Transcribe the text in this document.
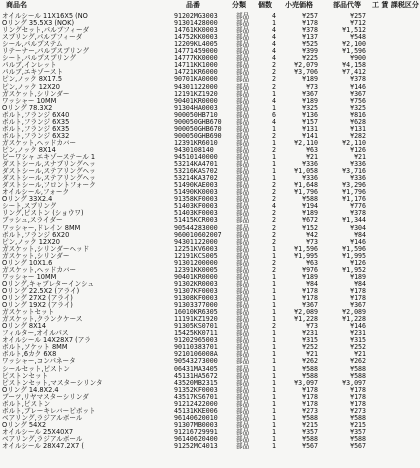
商品名	品番	分類 個数 小売価格	部品代等 工 賃 課税区分
オイルシール 11X16X5 (NO	91202MG3003	部品	4	¥257	¥257
Oリング 35.5X3 (NOK)	91301428000	部品	1	¥178	¥712
リングセット,パルブフィーダ	14761KK0003	部品	4	¥378	¥1,512
スプリング,パルブフィーダ	14752KK0003	部品	4	¥137	¥548
シール,パルプステム	12209KL4005	部品	4	¥525	¥2,100
リテーナー,パルプスプリング	14771459000	部品	4	¥399	¥1,596
シート,パルプスプリング	14777KK0000	部品	4	¥225	¥900
パルブ,インレット	14711KK1000	部品	2	¥2,079	¥4,158
パルブ,エキゾースト	14721KR6000	部品	2	¥3,706	¥7,412
ピン,ノック 8X17.5	90701KA0000	部品	2	¥189	¥378
ピン,ノック 12X20	94301122000	部品	2	¥73	¥146
ガスケット,シリンダー	12191KZ1920	部品	1	¥367	¥367
ワッシャー 10MM	90401KR0000	部品	4	¥189	¥756
Oリング 78.3X2	91304HA0003	部品	1	¥325	¥325
ボルト,フランジ 6X40	900050HB710	部品	6	¥136	¥816
ボルト,フランジ 6X35	900050GHB670 部品	4	¥157	¥628
ボルト,フランジ 6X35	900050GHB670 部品	1	¥131	¥131
ボルト,フランジ 6X32	900050GHB690 部品	2	¥141	¥282
ガスケット,ヘッドカバー	12391KR6010	部品	1	¥2,110	¥2,110
ピン,ノック 8X14	9430108140	部品	2	¥63	¥126
ビーワシャ エキゾーステール 1	94510140000	部品	1	¥21	¥21
ダストシール,スナプリングヘッ	53214KA4701	部品	1	¥336	¥336
ダストシール,ステアリングヘッ	53216KAS702	部品	1	¥1,058	¥3,716
ダストシール,ステアリングヘッ	53214KA3702	部品	1	¥336	¥336
ダストシール,フロントフォーク	51490KAE003	部品	2	¥1,648	¥3,296
オイルシール,フォーク	51490KK0003	部品	2	¥1,796	¥1,796
Oリング 33X2.4	91358KF0003	部品	2	¥588	¥1,176
シート,スプリング	51403KF0003	部品	4	¥194	¥776
リング,ピストン (ショウワ)	51403KF0003	部品	2	¥189	¥378
ブッシュ,スライダー	51415KCR003	部品	2	¥672	¥1,344
ワッシャー,ドレイン 8MM	90544283000	部品	2	¥152	¥304
ボルト,フランジ 6X20	960010602007 部品	2	¥42	¥84
ピン,ノック 12X20	94301122000	部品	2	¥73	¥146
ガスケット,シリンダーヘッド	12251KV6003	部品	1	¥1,596	¥1,596
ガスケット,シリンダー	12191KCS005	部品	1	¥1,995	¥1,995
Oリング 10X1.6	91301200000	部品	2	¥63	¥126
ガスケット,ヘッドカバー	12391KK0005	部品	2	¥976	¥1,952
ワッシャー 10MM	90401KR0000	部品	1	¥189	¥189
Oリング,キャブレターインシュ	91302KR0003	部品	1	¥84	¥84
Oリング 22.5X2 (アライ)	91307KF0003	部品	1	¥178	¥178
Oリング 27X2 (アライ)	91308KF0003	部品	1	¥178	¥178
Oリング 19X2 (アライ)	91303377000	部品	1	¥367	¥367
ガスケットセット	16010KR6305	部品	1	¥2,089	¥2,089
ガスケット,クランクケース	11191KZ1920	部品	1	¥1,228	¥1,228
Oリング 8X14	91305KS0701	部品	2	¥73	¥146
フィルター,オイルパス	15425KK0711	部品	1	¥231	¥231
オイルシール 14X28X7 (アラ	91202965003	部品	1	¥315	¥315
ボルト,ソケット 8MM	90110383701	部品	1	¥252	¥252
ボルト,6カク 6X8	9210106008A	部品	1	¥21	¥21
ワッシャー,コンパネータ	90543273000	部品	1	¥262	¥262
シールセット,ピストン	06431MA3405	部品	1	¥588	¥588
ピストンセット	45131HA5672	部品	1	¥588	¥588
ピストンセット,マスターシリンタ	43520MB2315	部品	1	¥3,097	¥3,097
Oリング 14.8X2.4	91352KF0003	部品	1	¥178	¥178
ブーツ,リヤマスターシリンダ	43517KS6701	部品	1	¥178	¥178
ボルト,ピストン	91212422000	部品	1	¥178	¥178
ボルト,ブレーキレバーピボット	45131KKE006	部品	1	¥273	¥273
ベアリング,ラジアルボール	96140620010	部品	1	¥588	¥588
Oリング 54X2	91307MB0003	部品	1	¥215	¥215
オイルシール 25X40X7	91216729991	部品	1	¥357	¥357
ベアリング,ラジアルボール	96140620400	部品	1	¥588	¥588
オイルシール 28X47.2X7 (	91252MC4013	部品	1	¥567	¥567
